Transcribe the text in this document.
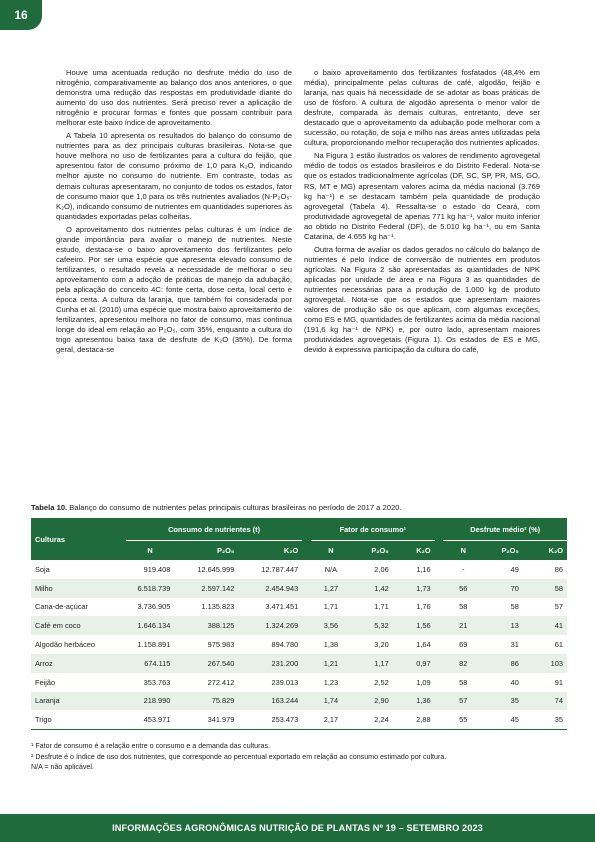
16

Houve uma acentuada redução no desfrute médio do uso de nitrogênio, comparativamente ao balanço dos anos anteriores, o que demonstra uma redução das respostas em produtividade diante do aumento do uso dos nutrientes. Será preciso rever a aplicação de nitrogênio e procurar formas e fontes que possam contribuir para melhorar este baixo índice de aproveitamento.

A Tabela 10 apresenta os resultados do balanço do consumo de nutrientes para as dez principais culturas brasileiras. Nota-se que houve melhora no uso de fertilizantes para a cultura do feijão, que apresentou fator de consumo próximo de 1,0 para K₂O, indicando melhor ajuste no consumo do nutriente. Em contraste, todas as demais culturas apresentaram, no conjunto de todos os estados, fator de consumo maior que 1,0 para os três nutrientes avaliados (N-P₂O₅-K₂O), indicando consumo de nutrientes em quantidades superiores às quantidades exportadas pelas colheitas.

O aproveitamento dos nutrientes pelas culturas é um índice de grande importância para avaliar o manejo de nutrientes. Neste estudo, destaca-se o baixo aproveitamento dos fertilizantes pelo cafeeiro. Por ser uma espécie que apresenta elevado consumo de fertilizantes, o resultado revela a necessidade de melhorar o seu aproveitamento com a adoção de práticas de manejo da adubação, pela aplicação do conceito 4C: fonte certa, dose certa, local certo e época certa. A cultura da laranja, que também foi considerada por Cunha et al. (2010) uma espécie que mostra baixo aproveitamento de fertilizantes, apresentou melhora no fator de consumo, mas continua longe do ideal em relação ao P₂O₅, com 35%, enquanto a cultura do trigo apresentou baixa taxa de desfrute de K₂O (35%). De forma geral, destaca-se

o baixo aproveitamento dos fertilizantes fosfatados (48,4% em média), principalmente pelas culturas de café, algodão, feijão e laranja, nas quais há necessidade de se adotar as boas práticas de uso de fósforo. A cultura de algodão apresenta o menor valor de desfrute, comparada às demais culturas, entretanto, deve ser destacado que o aproveitamento da adubação pode melhorar com a sucessão, ou rotação, de soja e milho nas áreas antes utilizadas pela cultura, proporcionando melhor recuperação dos nutrientes aplicados.

Na Figura 1 estão ilustrados os valores de rendimento agrovegetal médio de todos os estados brasileiros e do Distrito Federal. Nota-se que os estados tradicionalmente agrícolas (DF, SC, SP, PR, MS, GO, RS, MT e MG) apresentam valores acima da média nacional (3.769 kg ha⁻¹) e se destacam também pela quantidade de produção agrovegetal (Tabela 4). Ressalta-se o estado do Ceará, com produtividade agrovegetal de apenas 771 kg ha⁻¹, valor muito inferior ao obtido no Distrito Federal (DF), de 5.010 kg ha⁻¹, ou em Santa Catarina, de 4.655 kg ha⁻¹.

Outra forma de avaliar os dados gerados no cálculo do balanço de nutrientes é pelo índice de conversão de nutrientes em produtos agrícolas. Na Figura 2 são apresentadas as quantidades de NPK aplicadas por unidade de área e na Figura 3 as quantidades de nutrientes necessárias para a produção de 1.000 kg de produto agrovegetal. Nota-se que os estados que apresentam maiores valores de produção são os que aplicam, com algumas exceções, como ES e MG, quantidades de fertilizantes acima da média nacional (191,6 kg ha⁻¹ de NPK) e, por outro lado, apresentam maiores produtividades agrovegetais (Figura 1). Os estados de ES e MG, devido à expressiva participação da cultura do café,

Tabela 10. Balanço do consumo de nutrientes pelas principais culturas brasileiras no período de 2017 a 2020.
Culturas	Consumo de nutrientes (t)				Fator de consumo¹				Desfrute médio² (%)		
	N	P₂O₅	K₂O		N	P₂O₅	K₂O		N	P₂O₅	K₂O
Soja	919.408	12.645.999	12.787.447		N/A	2,06	1,16		-	49	86
Milho	6.518.739	2.597.142	2.454.943		1,27	1,42	1,73		56	70	58
Cana-de-açúcar	3.736.905	1.135.823	3.471.451		1,71	1,71	1,76		58	58	57
Café em coco	1.646.134	388.125	1.324.269		3,56	5,32	1,56		21	13	41
Algodão herbáceo	1.158.891	975.983	894.780		1,38	3,20	1,64		69	31	61
Arroz	674.115	267.540	231.200		1,21	1,17	0,97		82	86	103
Feijão	353.763	272.412	239.013		1,23	2,52	1,09		58	40	91
Laranja	218.990	75.829	163.244		1,74	2,90	1,36		57	35	74
Trigo	453.971	341.979	253.473		2,17	2,24	2,88		55	45	35
¹ Fator de consumo é a relação entre o consumo e a demanda das culturas.
² Desfrute é o índice de uso dos nutrientes, que corresponde ao percentual exportado em relação ao consumo estimado por cultura.
N/A = não aplicável.
INFORMAÇÕES AGRONÔMICAS NUTRIÇÃO DE PLANTAS Nº 19 – SETEMBRO 2023
